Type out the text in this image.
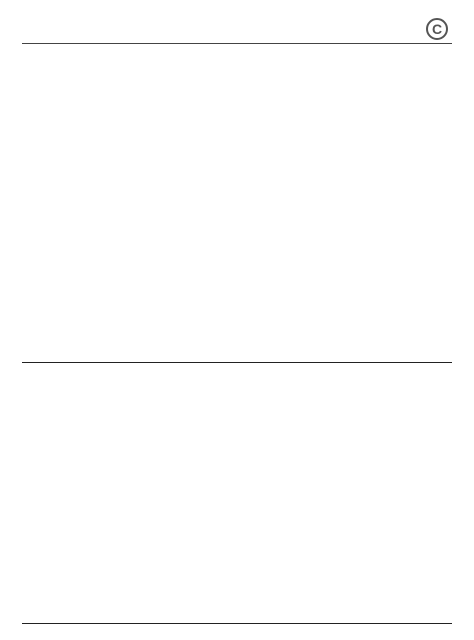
C
